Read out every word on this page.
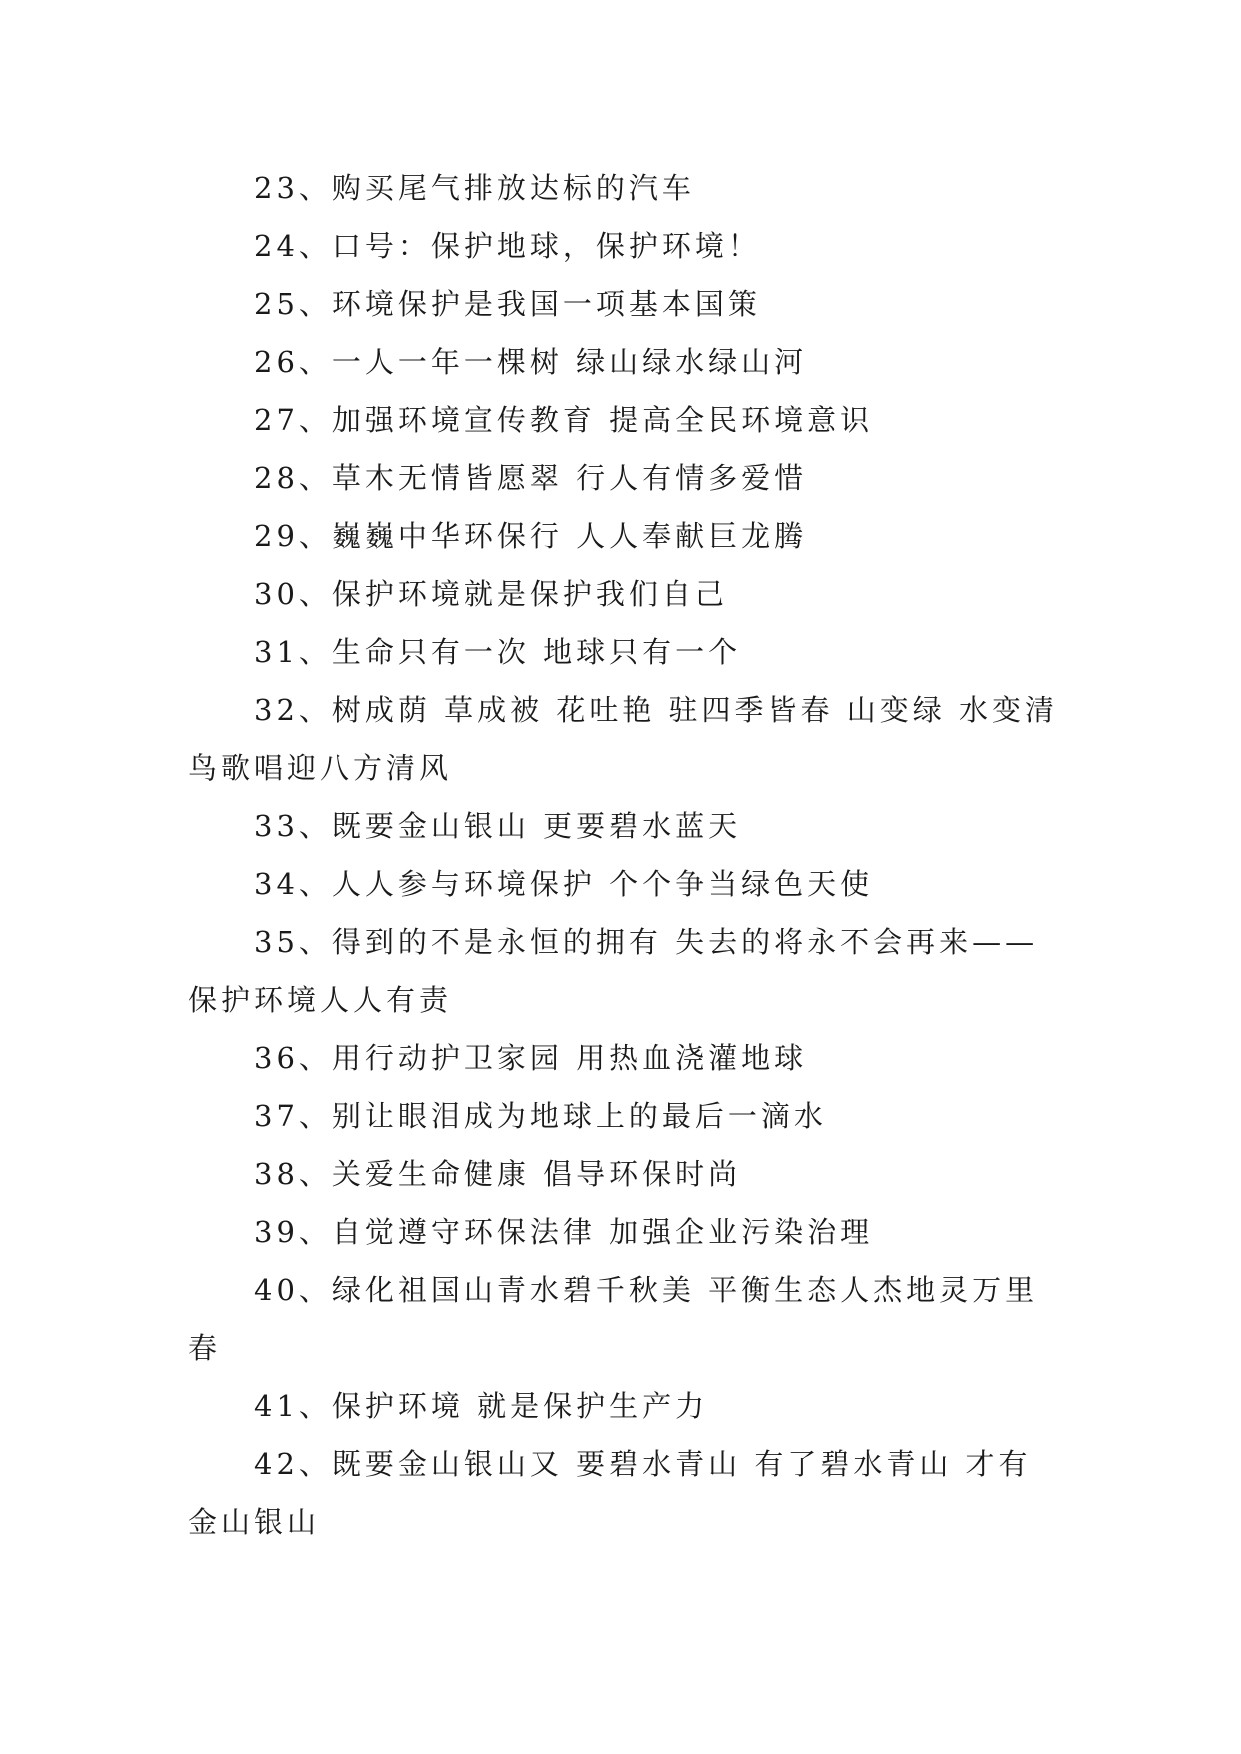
23、购买尾气排放达标的汽车

24、口号：保护地球，保护环境！

25、环境保护是我国一项基本国策

26、一人一年一棵树 绿山绿水绿山河

27、加强环境宣传教育 提高全民环境意识

28、草木无情皆愿翠 行人有情多爱惜

29、巍巍中华环保行 人人奉献巨龙腾

30、保护环境就是保护我们自己

31、生命只有一次 地球只有一个

32、树成荫 草成被 花吐艳 驻四季皆春 山变绿 水变清 鸟歌唱迎八方清风

33、既要金山银山 更要碧水蓝天

34、人人参与环境保护 个个争当绿色天使

35、得到的不是永恒的拥有 失去的将永不会再来——保护环境人人有责

36、用行动护卫家园 用热血浇灌地球

37、别让眼泪成为地球上的最后一滴水

38、关爱生命健康 倡导环保时尚

39、自觉遵守环保法律 加强企业污染治理

40、绿化祖国山青水碧千秋美 平衡生态人杰地灵万里春

41、保护环境 就是保护生产力

42、既要金山银山又 要碧水青山 有了碧水青山 才有金山银山
